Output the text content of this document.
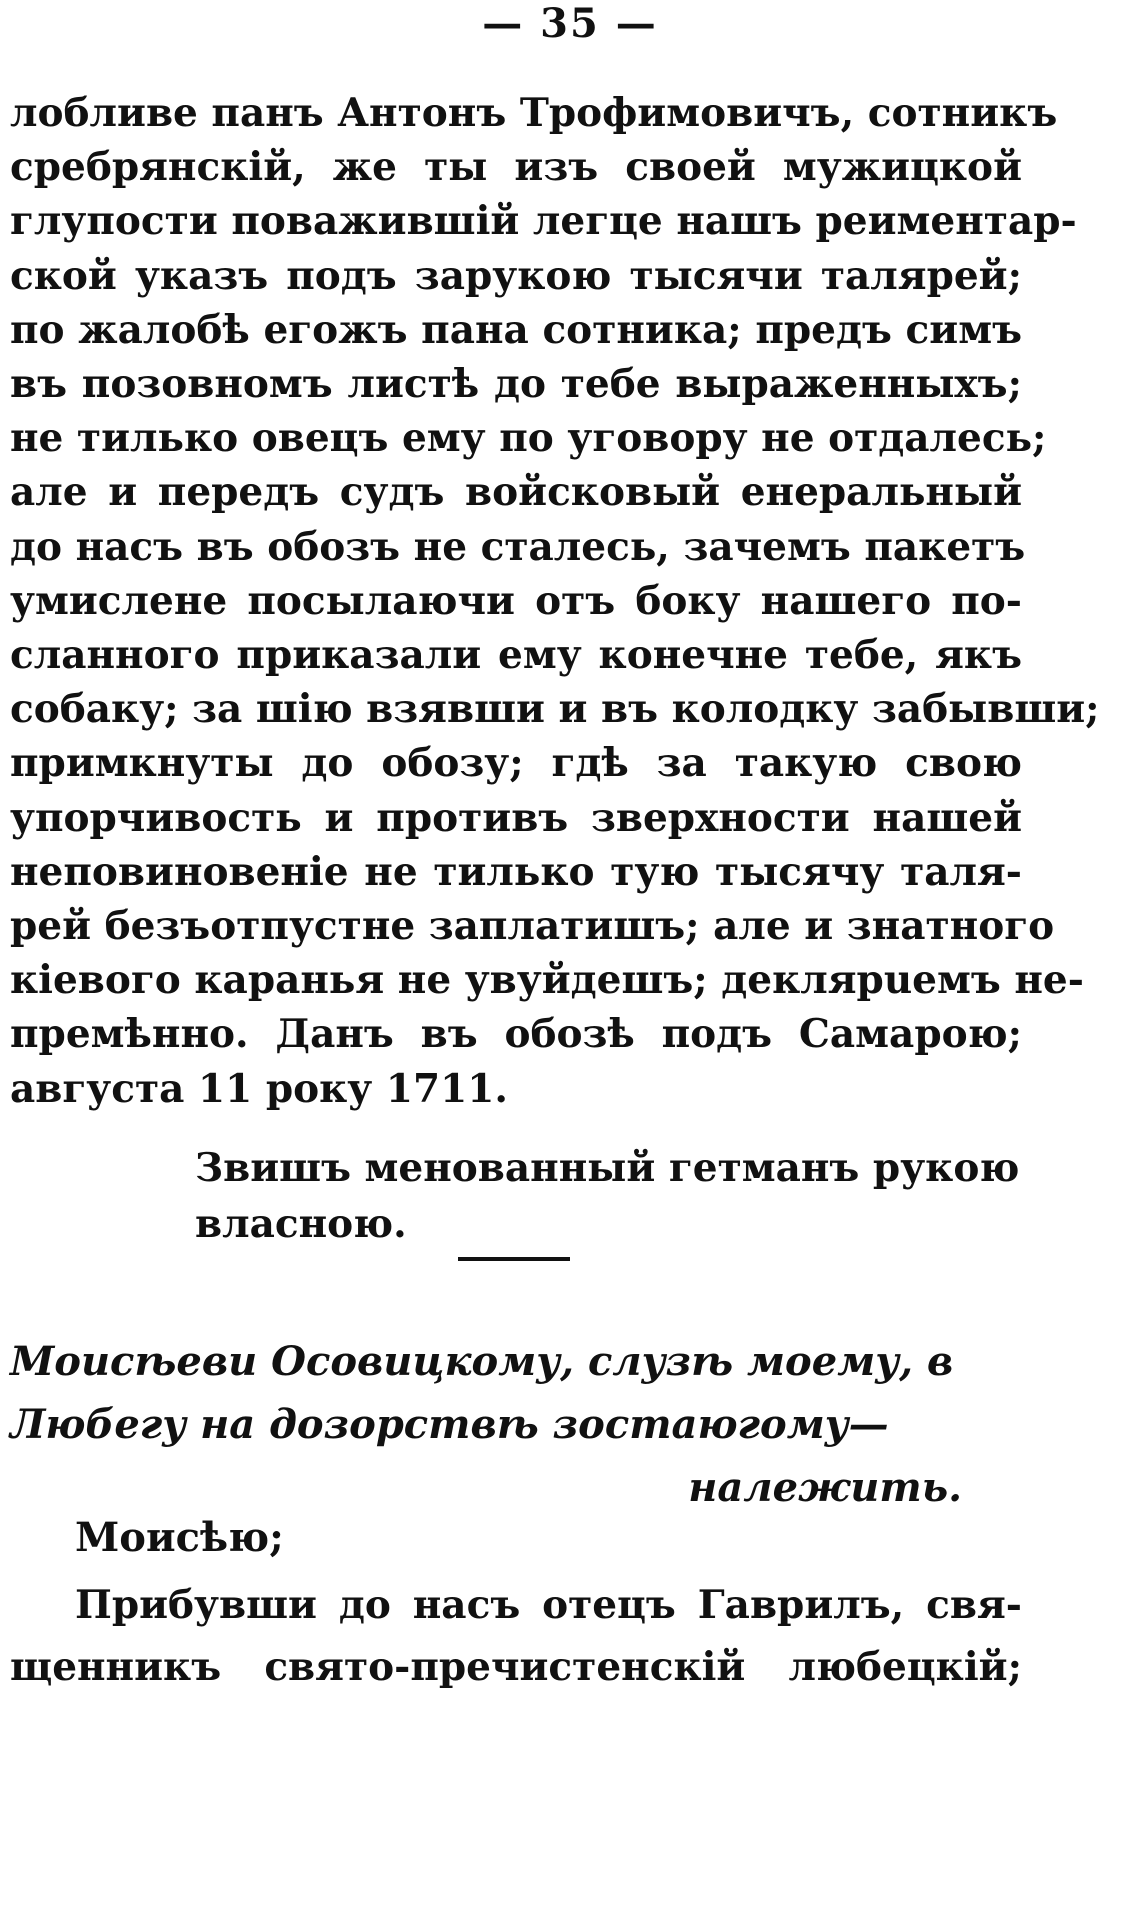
— 35 —
лобливе панъ Антонъ Трофимовичъ, сотникъ
сребрянскій, же ты изъ своей мужицкой
глупости поважившій легце нашъ реиментар-
ской указъ подъ зарукою тысячи талярей;
по жалобѣ егожъ пана сотника; предъ симъ
въ позовномъ листѣ до тебе выраженныхъ;
не тилько овецъ ему по уговору не отдалесь;
але и передъ судъ войсковый енеральный
до насъ въ обозъ не сталесь, зачемъ пакетъ
умислене посылаючи отъ боку нашего по-
сланного приказали ему конечне тебе, якъ
собаку; за шію взявши и въ колодку забывши;
примкнуты до обозу; гдѣ за такую свою
упорчивость и противъ зверхности нашей
неповиновеніе не тилько тую тысячу таля-
рей безъотпустне заплатишъ; але и знатного
кіевого каранья не увуйдешъ; деклярuемъ не-
премѣнно. Данъ въ обозѣ подъ Самарою;
августа 11 року 1711.
Звишъ менованный гетманъ рукою
власною.
Моисѣеви Осовицкому, слузѣ моему, в
Любегу на дозорствѣ зостаюгому—
належить.
Моисѣю;
Прибувши до насъ отецъ Гаврилъ, свя-
щенникъ свято-пречистенскій любецкій;
